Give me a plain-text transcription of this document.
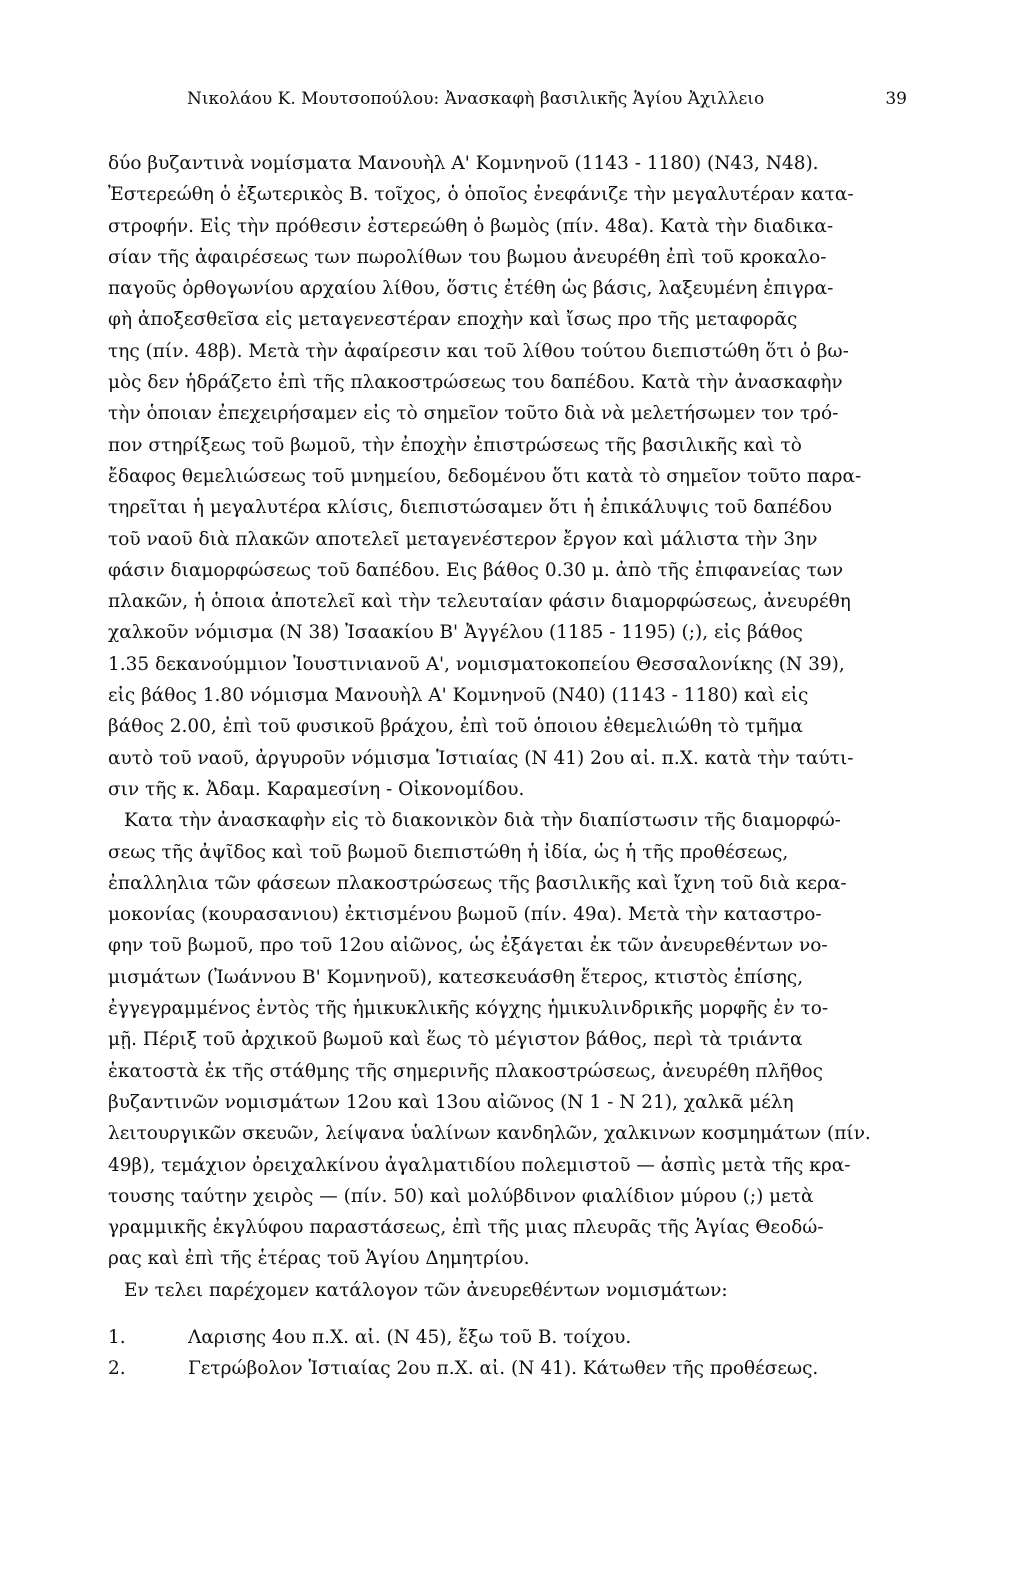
Νικολάου Κ. Μουτσοπούλου: Ἀνασκαφὴ βασιλικῆς Ἁγίου Ἀχιλλειο	39
δύο βυζαντινὰ νομίσματα Μανουὴλ Α' Κομνηνοῦ (1143 - 1180) (Ν43, Ν48).
Ἐστερεώθη ὁ ἐξωτερικὸς Β. τοῖχος, ὁ ὁποῖος ἐνεφάνιζε τὴν μεγαλυτέραν κατα-
στροφήν. Εἰς τὴν πρόθεσιν ἐστερεώθη ὁ βωμὸς (πίν. 48α). Κατὰ τὴν διαδικα-
σίαν τῆς ἀφαιρέσεως των πωρολίθων του βωμου ἀνευρέθη ἐπὶ τοῦ κροκαλο-
παγοῦς ὀρθογωνίου αρχαίου λίθου, ὅστις ἐτέθη ὡς βάσις, λαξευμένη ἐπιγρα-
φὴ ἀποξεσθεῖσα εἰς μεταγενεστέραν εποχὴν καὶ ἴσως προ τῆς μεταφορᾶς
της (πίν. 48β). Μετὰ τὴν ἀφαίρεσιν και τοῦ λίθου τούτου διεπιστώθη ὅτι ὁ βω-
μὸς δεν ἡδράζετο ἐπὶ τῆς πλακοστρώσεως του δαπέδου. Κατὰ τὴν ἀνασκαφὴν
τὴν ὁποιαν ἐπεχειρήσαμεν εἰς τὸ σημεῖον τοῦτο διὰ νὰ μελετήσωμεν τον τρό-
πον στηρίξεως τοῦ βωμοῦ, τὴν ἐποχὴν ἐπιστρώσεως τῆς βασιλικῆς καὶ τὸ
ἔδαφος θεμελιώσεως τοῦ μνημείου, δεδομένου ὅτι κατὰ τὸ σημεῖον τοῦτο παρα-
τηρεῖται ἡ μεγαλυτέρα κλίσις, διεπιστώσαμεν ὅτι ἡ ἐπικάλυψις τοῦ δαπέδου
τοῦ ναοῦ διὰ πλακῶν αποτελεῖ μεταγενέστερον ἔργον καὶ μάλιστα τὴν 3ην
φάσιν διαμορφώσεως τοῦ δαπέδου. Εις βάθος 0.30 μ. ἀπὸ τῆς ἐπιφανείας των
πλακῶν, ἡ ὁποια ἀποτελεῖ καὶ τὴν τελευταίαν φάσιν διαμορφώσεως, ἀνευρέθη
χαλκοῦν νόμισμα (Ν 38) Ἰσαακίου Β' Ἀγγέλου (1185 - 1195) (;), εἰς βάθος
1.35 δεκανούμμιον Ἰουστινιανοῦ Α', νομισματοκοπείου Θεσσαλονίκης (Ν 39),
εἰς βάθος 1.80 νόμισμα Μανουὴλ Α' Κομνηνοῦ (Ν40) (1143 - 1180) καὶ εἰς
βάθος 2.00, ἐπὶ τοῦ φυσικοῦ βράχου, ἐπὶ τοῦ ὁποιου ἐθεμελιώθη τὸ τμῆμα
αυτὸ τοῦ ναοῦ, ἀργυροῦν νόμισμα Ἱστιαίας (Ν 41) 2ου αἰ. π.Χ. κατὰ τὴν ταύτι-
σιν τῆς κ. Ἀδαμ. Καραμεσίνη - Οἰκονομίδου.
Κατα τὴν ἀνασκαφὴν εἰς τὸ διακονικὸν διὰ τὴν διαπίστωσιν τῆς διαμορφώ-
σεως τῆς ἀψῖδος καὶ τοῦ βωμοῦ διεπιστώθη ἡ ἰδία, ὡς ἡ τῆς προθέσεως,
ἐπαλληλια τῶν φάσεων πλακοστρώσεως τῆς βασιλικῆς καὶ ἴχνη τοῦ διὰ κερα-
μοκονίας (κουρασανιου) ἐκτισμένου βωμοῦ (πίν. 49α). Μετὰ τὴν καταστρο-
φην τοῦ βωμοῦ, προ τοῦ 12ου αἰῶνος, ὡς ἐξάγεται ἐκ τῶν ἀνευρεθέντων νο-
μισμάτων (Ἰωάννου Β' Κομνηνοῦ), κατεσκευάσθη ἕτερος, κτιστὸς ἐπίσης,
ἐγγεγραμμένος ἐντὸς τῆς ἡμικυκλικῆς κόγχης ἡμικυλινδρικῆς μορφῆς ἐν το-
μῇ. Πέριξ τοῦ ἀρχικοῦ βωμοῦ καὶ ἕως τὸ μέγιστον βάθος, περὶ τὰ τριάντα
ἑκατοστὰ ἐκ τῆς στάθμης τῆς σημερινῆς πλακοστρώσεως, ἀνευρέθη πλῆθος
βυζαντινῶν νομισμάτων 12ου καὶ 13ου αἰῶνος (Ν 1 - Ν 21), χαλκᾶ μέλη
λειτουργικῶν σκευῶν, λείψανα ὑαλίνων κανδηλῶν, χαλκινων κοσμημάτων (πίν.
49β), τεμάχιον ὀρειχαλκίνου ἀγαλματιδίου πολεμιστοῦ — ἀσπὶς μετὰ τῆς κρα-
τουσης ταύτην χειρὸς — (πίν. 50) καὶ μολύβδινον φιαλίδιον μύρου (;) μετὰ
γραμμικῆς ἐκγλύφου παραστάσεως, ἐπὶ τῆς μιας πλευρᾶς τῆς Ἁγίας Θεοδώ-
ρας καὶ ἐπὶ τῆς ἑτέρας τοῦ Ἁγίου Δημητρίου.
Εν τελει παρέχομεν κατάλογον τῶν ἀνευρεθέντων νομισμάτων:
1.	Λαρισης 4ου π.Χ. αἰ. (Ν 45), ἔξω τοῦ Β. τοίχου.
2.	Γετρώβολον Ἱστιαίας 2ου π.Χ. αἰ. (Ν 41). Κάτωθεν τῆς προθέσεως.
